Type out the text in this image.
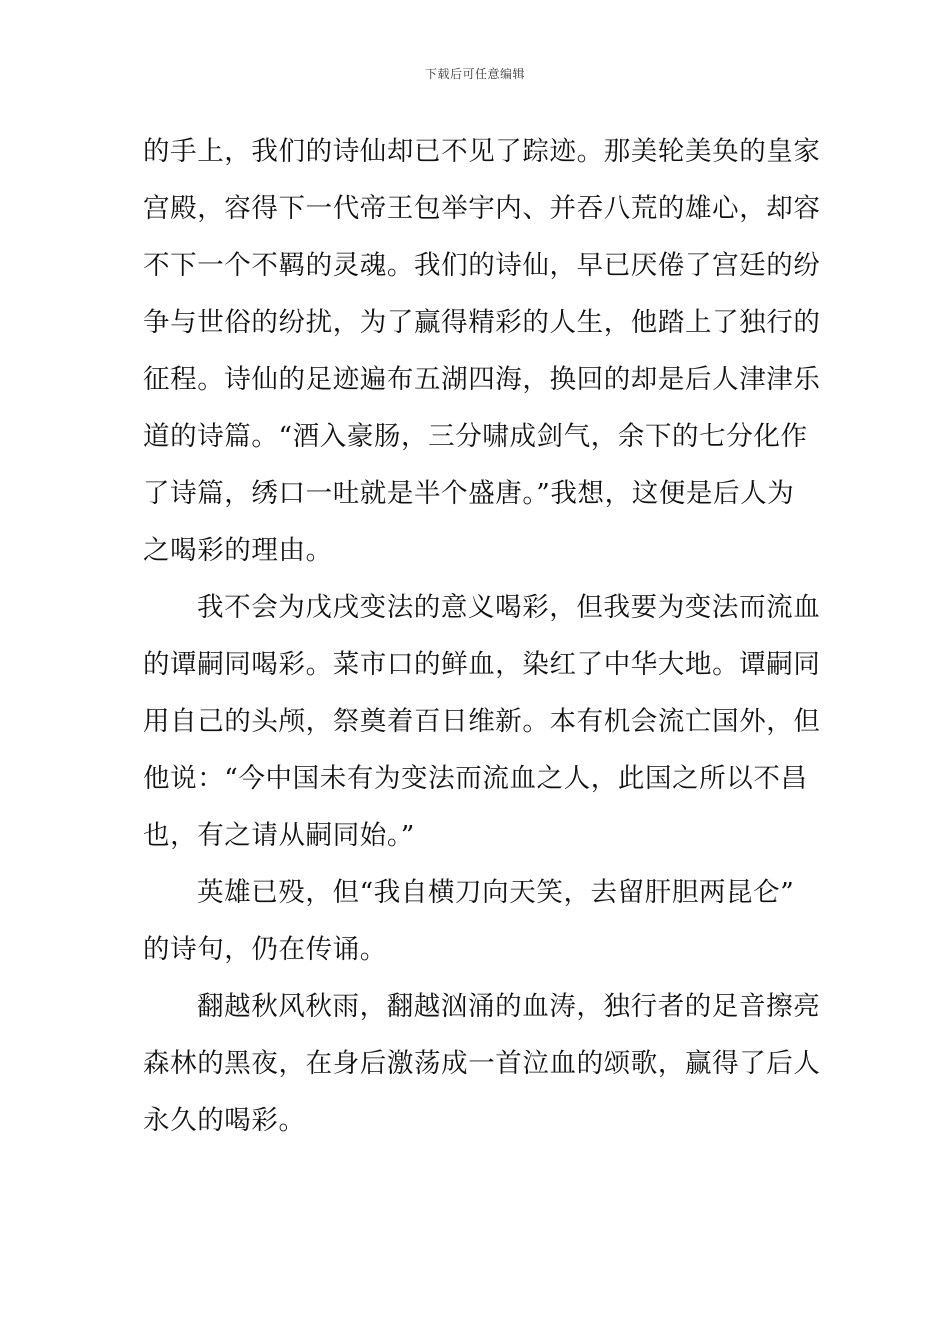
下载后可任意编辑
的手上，我们的诗仙却已不见了踪迹。那美轮美奂的皇家
宫殿，容得下一代帝王包举宇内、并吞八荒的雄心，却容
不下一个不羁的灵魂。我们的诗仙，早已厌倦了宫廷的纷
争与世俗的纷扰，为了赢得精彩的人生，他踏上了独行的
征程。诗仙的足迹遍布五湖四海，换回的却是后人津津乐
道的诗篇。“酒入豪肠，三分啸成剑气，余下的七分化作
了诗篇，绣口一吐就是半个盛唐。”我想，这便是后人为
之喝彩的理由。
我不会为戊戌变法的意义喝彩，但我要为变法而流血
的谭嗣同喝彩。菜市口的鲜血，染红了中华大地。谭嗣同
用自己的头颅，祭奠着百日维新。本有机会流亡国外，但
他说：“今中国未有为变法而流血之人，此国之所以不昌
也，有之请从嗣同始。”
英雄已殁，但“我自横刀向天笑，去留肝胆两昆仑”
的诗句，仍在传诵。
翻越秋风秋雨，翻越汹涌的血涛，独行者的足音擦亮
森林的黑夜，在身后激荡成一首泣血的颂歌，赢得了后人
永久的喝彩。
